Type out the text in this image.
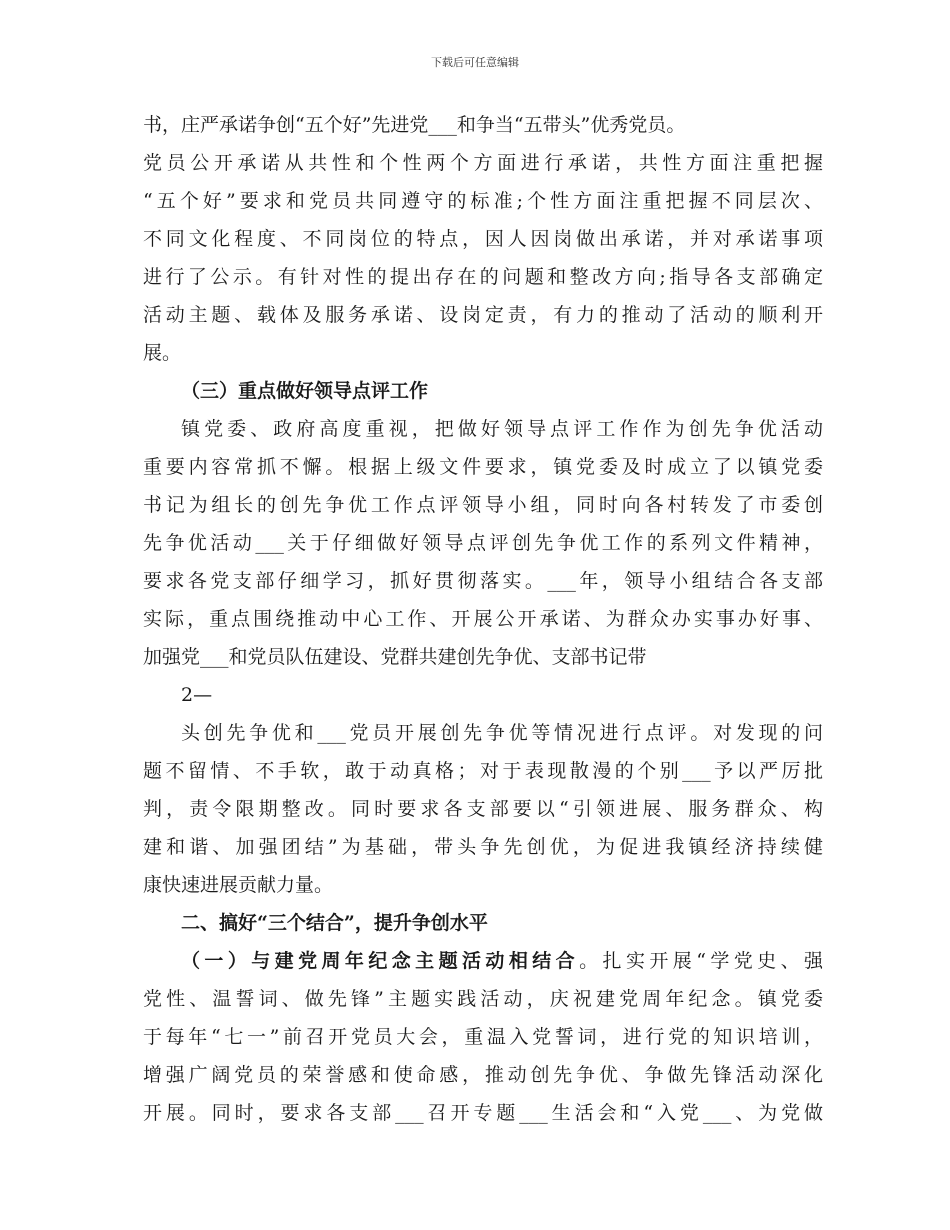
下载后可任意编辑
书，庄严承诺争创“五个好”先进党___和争当“五带头”优秀党员。
党员公开承诺从共性和个性两个方面进行承诺，共性方面注重把握
“五个好”要求和党员共同遵守的标准;个性方面注重把握不同层次、
不同文化程度、不同岗位的特点，因人因岗做出承诺，并对承诺事项
进行了公示。有针对性的提出存在的问题和整改方向;指导各支部确定
活动主题、载体及服务承诺、设岗定责，有力的推动了活动的顺利开
展。
（三）重点做好领导点评工作
镇党委、政府高度重视，把做好领导点评工作作为创先争优活动
重要内容常抓不懈。根据上级文件要求，镇党委及时成立了以镇党委
书记为组长的创先争优工作点评领导小组，同时向各村转发了市委创
先争优活动___关于仔细做好领导点评创先争优工作的系列文件精神，
要求各党支部仔细学习，抓好贯彻落实。___年，领导小组结合各支部
实际，重点围绕推动中心工作、开展公开承诺、为群众办实事办好事、
加强党___和党员队伍建设、党群共建创先争优、支部书记带
2—
头创先争优和___党员开展创先争优等情况进行点评。对发现的问
题不留情、不手软，敢于动真格；对于表现散漫的个别___予以严厉批
判，责令限期整改。同时要求各支部要以“引领进展、服务群众、构
建和谐、加强团结”为基础，带头争先创优，为促进我镇经济持续健
康快速进展贡献力量。
二、搞好“三个结合”，提升争创水平
（一）与建党周年纪念主题活动相结合。扎实开展“学党史、强
党性、温誓词、做先锋”主题实践活动，庆祝建党周年纪念。镇党委
于每年“七一”前召开党员大会，重温入党誓词，进行党的知识培训，
增强广阔党员的荣誉感和使命感，推动创先争优、争做先锋活动深化
开展。同时，要求各支部___召开专题___生活会和“入党___、为党做
